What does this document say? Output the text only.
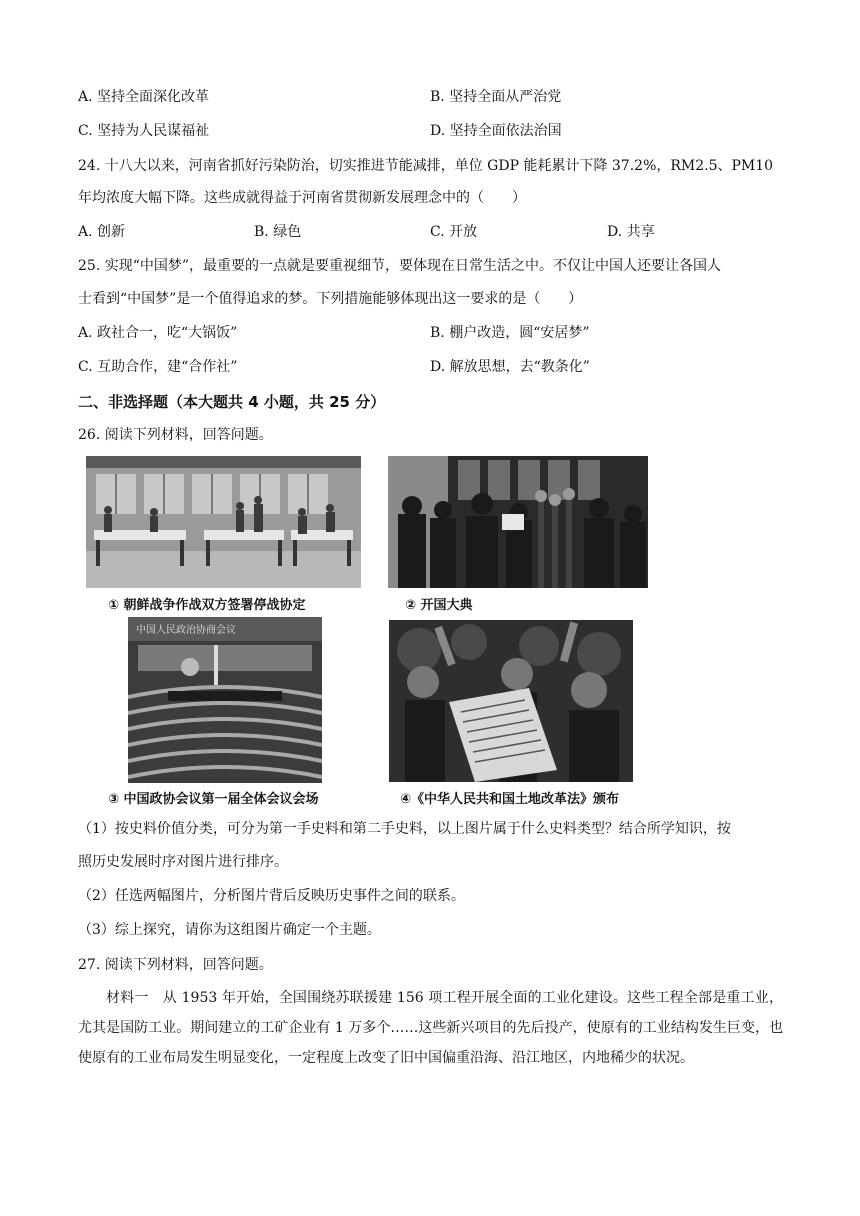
A. 坚持全面深化改革	B. 坚持全面从严治党
C. 坚持为人民谋福祉	D. 坚持全面依法治国
24. 十八大以来，河南省抓好污染防治，切实推进节能减排，单位 GDP 能耗累计下降 37.2%，RM2.5、PM10
年均浓度大幅下降。这些成就得益于河南省贯彻新发展理念中的（　　）
A. 创新	B. 绿色	C. 开放	D. 共享
25. 实现“中国梦”，最重要的一点就是要重视细节，要体现在日常生活之中。不仅让中国人还要让各国人
士看到“中国梦”是一个值得追求的梦。下列措施能够体现出这一要求的是（　　）
A. 政社合一，吃“大锅饭”	B. 棚户改造，圆“安居梦”
C. 互助合作，建“合作社”	D. 解放思想，去“教条化”
二、非选择题（本大题共 4 小题，共 25 分）
26. 阅读下列材料，回答问题。
① 朝鲜战争作战双方签署停战协定	② 开国大典
中国人民政治协商会议
③ 中国政协会议第一届全体会议会场	④《中华人民共和国土地改革法》颁布
（1）按史料价值分类，可分为第一手史料和第二手史料，以上图片属于什么史料类型？结合所学知识，按
照历史发展时序对图片进行排序。
（2）任选两幅图片，分析图片背后反映历史事件之间的联系。
（3）综上探究，请你为这组图片确定一个主题。
27. 阅读下列材料，回答问题。
材料一　从 1953 年开始，全国围绕苏联援建 156 项工程开展全面的工业化建设。这些工程全部是重工业，尤其是国防工业。期间建立的工矿企业有 1 万多个……这些新兴项目的先后投产，使原有的工业结构发生巨变，也使原有的工业布局发生明显变化，一定程度上改变了旧中国偏重沿海、沿江地区，内地稀少的状况。
